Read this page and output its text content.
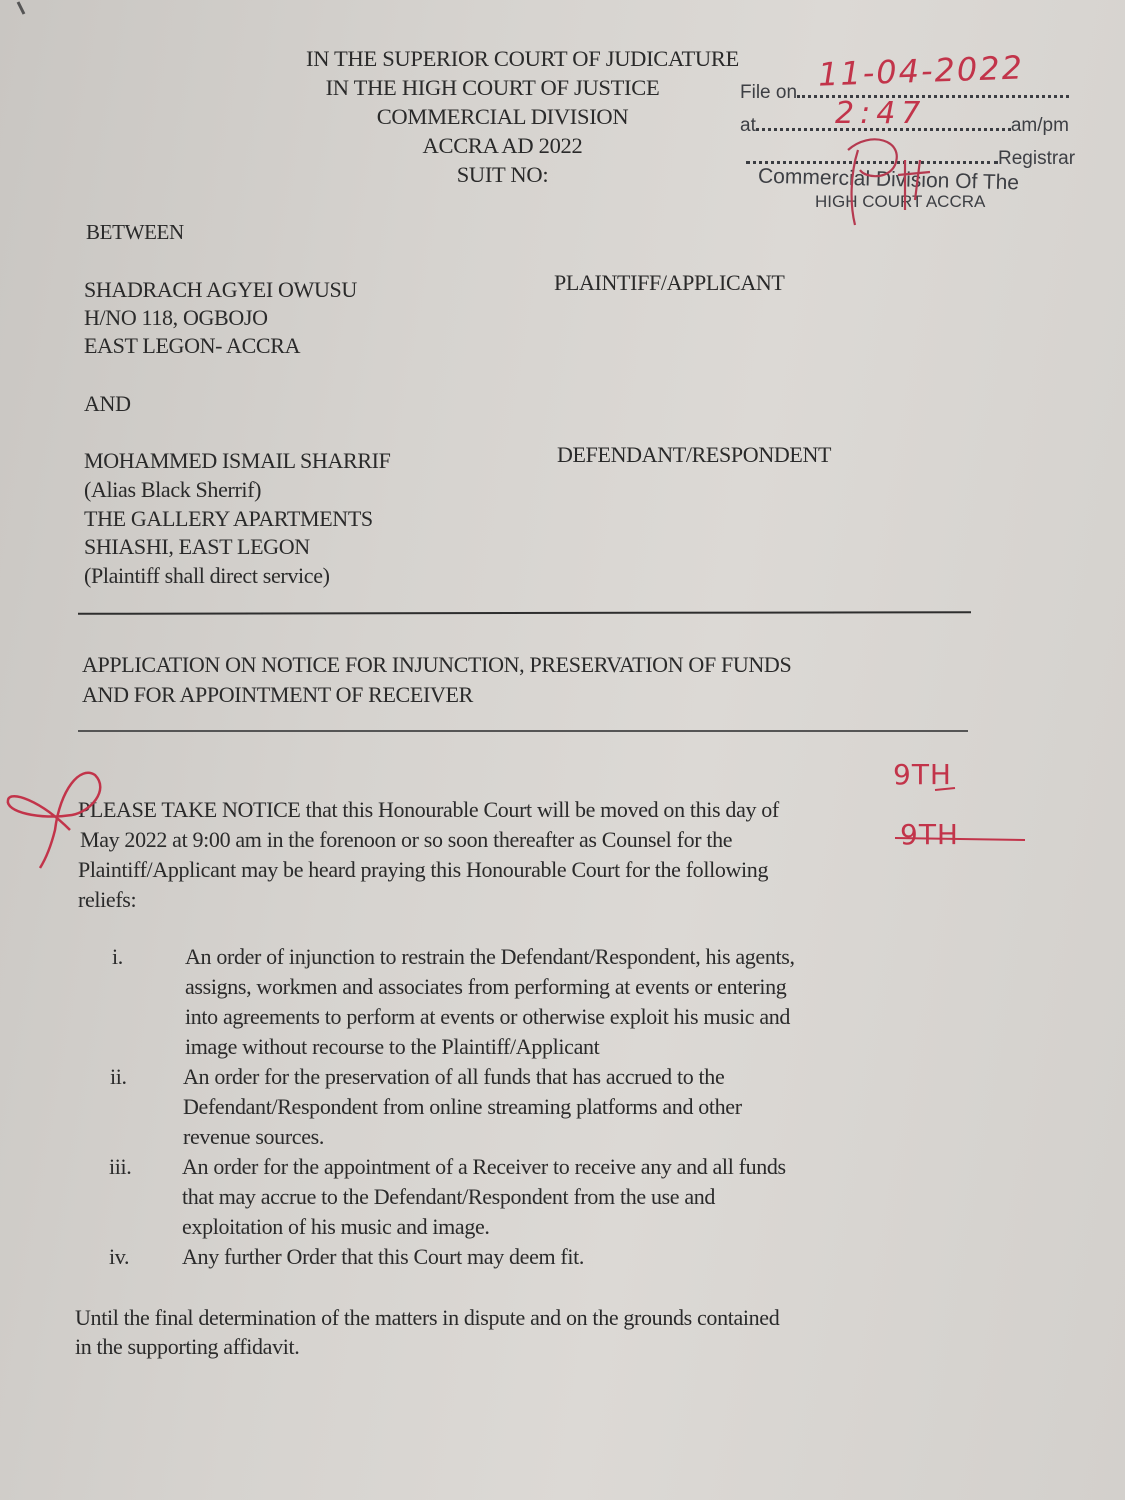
IN THE SUPERIOR COURT OF JUDICATURE
IN THE HIGH COURT OF JUSTICE
COMMERCIAL DIVISION
ACCRA AD 2022
SUIT NO:
File on
at	am/pm
Registrar
Commercial Division Of The
HIGH COURT ACCRA
11-04-2022
2:47
BETWEEN
SHADRACH AGYEI OWUSU
H/NO 118, OGBOJO
EAST LEGON- ACCRA
PLAINTIFF/APPLICANT
AND
MOHAMMED ISMAIL SHARRIF
(Alias Black Sherrif)
THE GALLERY APARTMENTS
SHIASHI, EAST LEGON
(Plaintiff shall direct service)
DEFENDANT/RESPONDENT
APPLICATION ON NOTICE FOR INJUNCTION, PRESERVATION OF FUNDS
AND FOR APPOINTMENT OF RECEIVER
PLEASE TAKE NOTICE that this Honourable Court will be moved on this day of
May 2022 at 9:00 am in the forenoon or so soon thereafter as Counsel for the
Plaintiff/Applicant may be heard praying this Honourable Court for the following
reliefs:
9TH
9TH
i.	An order of injunction to restrain the Defendant/Respondent, his agents,
assigns, workmen and associates from performing at events or entering
into agreements to perform at events or otherwise exploit his music and
image without recourse to the Plaintiff/Applicant
ii.	An order for the preservation of all funds that has accrued to the
Defendant/Respondent from online streaming platforms and other
revenue sources.
iii. An order for the appointment of a Receiver to receive any and all funds
that may accrue to the Defendant/Respondent from the use and
exploitation of his music and image.
iv. Any further Order that this Court may deem fit.
Until the final determination of the matters in dispute and on the grounds contained
in the supporting affidavit.
